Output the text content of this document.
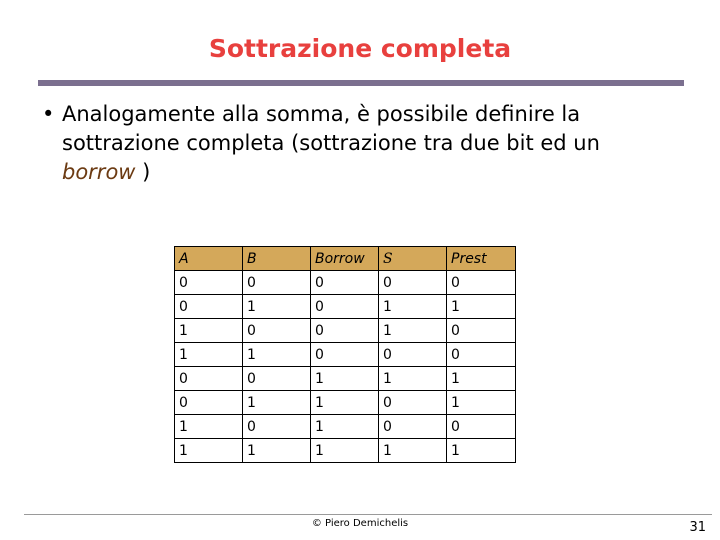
Sottrazione completa
• Analogamente alla somma, è possibile definire la
sottrazione completa (sottrazione tra due bit ed un
borrow )
A	B	Borrow	S	Prest
0	0	0	0	0
0	1	0	1	1
1	0	0	1	0
1	1	0	0	0
0	0	1	1	1
0	1	1	0	1
1	0	1	0	0
1	1	1	1	1
© Piero Demichelis	31
